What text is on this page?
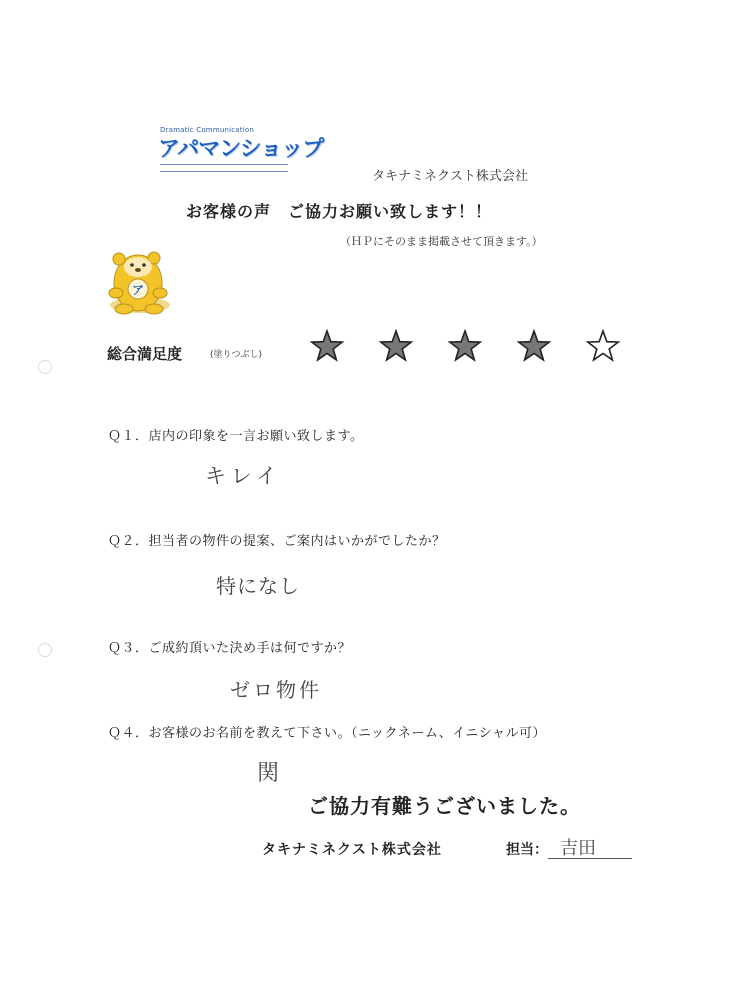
Dramatic Communication
アパマンショップ
タキナミネクスト株式会社
お客様の声　ご協力お願い致します！！
（ＨＰにそのまま掲載させて頂きます。）
ア
総合満足度	(塗りつぶし)
Ｑ１．店内の印象を一言お願い致します。
キレイ
Ｑ２．担当者の物件の提案、ご案内はいかがでしたか？
特になし
Ｑ３．ご成約頂いた決め手は何ですか？
ゼロ物件
Ｑ４．お客様のお名前を教えて下さい。（ニックネーム、イニシャル可）
関
ご協力有難うございました。
タキナミネクスト株式会社	担当： 吉田
